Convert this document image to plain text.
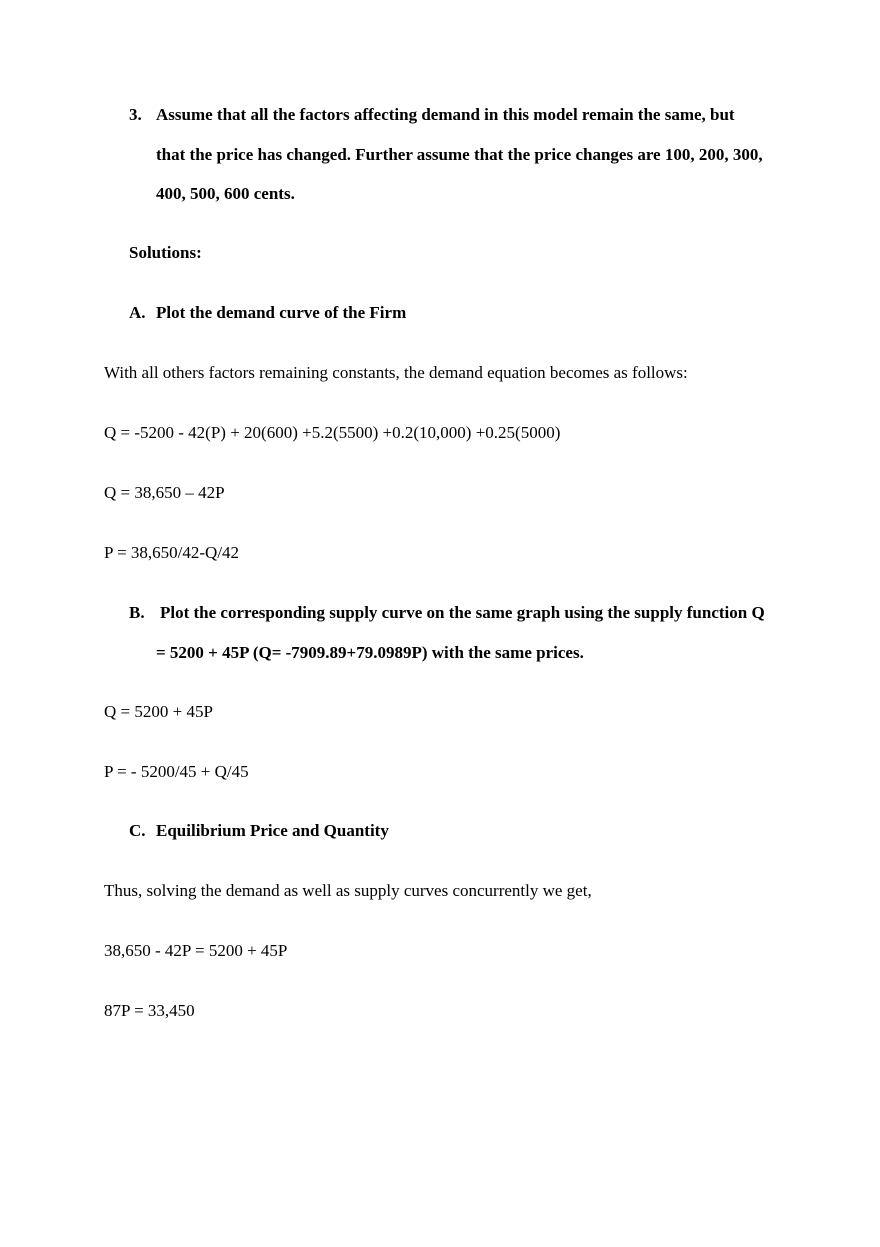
3. Assume that all the factors affecting demand in this model remain the same, but
that the price has changed. Further assume that the price changes are 100, 200, 300,
400, 500, 600 cents.
Solutions:
A. Plot the demand curve of the Firm
With all others factors remaining constants, the demand equation becomes as follows:
Q = -5200 - 42(P) + 20(600) +5.2(5500) +0.2(10,000) +0.25(5000)
Q = 38,650 – 42P
P = 38,650/42-Q/42
B. Plot the corresponding supply curve on the same graph using the supply function Q
= 5200 + 45P (Q= -7909.89+79.0989P) with the same prices.
Q = 5200 + 45P
P = - 5200/45 + Q/45
C. Equilibrium Price and Quantity
Thus, solving the demand as well as supply curves concurrently we get,
38,650 - 42P = 5200 + 45P
87P = 33,450
